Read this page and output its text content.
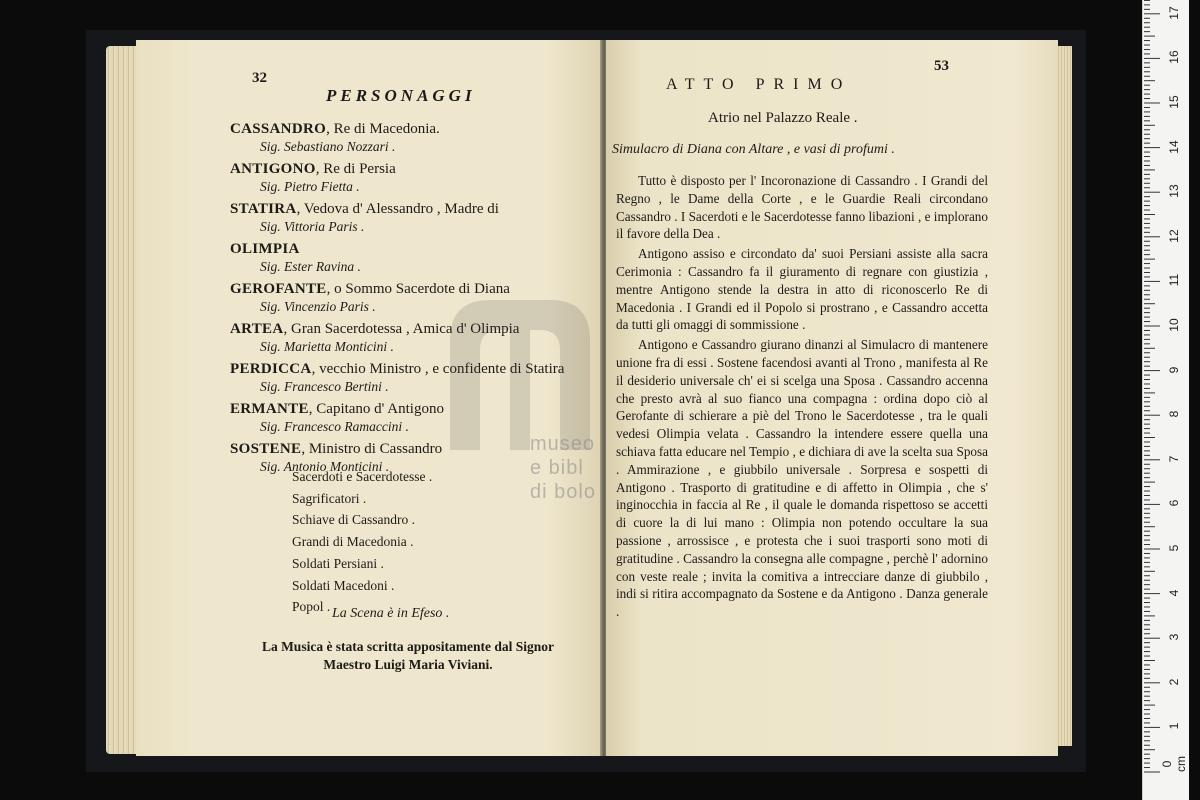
32
PERSONAGGI
CASSANDRO, Re di Macedonia.
Sig. Sebastiano Nozzari .
ANTIGONO, Re di Persia
Sig. Pietro Fietta .
STATIRA, Vedova d' Alessandro , Madre di
Sig. Vittoria Paris .
OLIMPIA
Sig. Ester Ravina .
GEROFANTE, o Sommo Sacerdote di Diana
Sig. Vincenzio Paris .
ARTEA, Gran Sacerdotessa , Amica d' Olimpia
Sig. Marietta Monticini .
PERDICCA, vecchio Ministro , e confidente di Statira
Sig. Francesco Bertini .
ERMANTE, Capitano d' Antigono
Sig. Francesco Ramaccini .
SOSTENE, Ministro di Cassandro
Sig. Antonio Monticini .
Sacerdoti e Sacerdotesse .
Sagrificatori .
Schiave di Cassandro .
Grandi di Macedonia .
Soldati Persiani .
Soldati Macedoni .
Popol . La Scena è in Efeso .
La Musica è stata scritta appositamente dal Signor
Maestro Luigi Maria Viviani.
53
ATTO PRIMO
Atrio nel Palazzo Reale .
Simulacro di Diana con Altare , e vasi di profumi .

Tutto è disposto per l' Incoronazione di Cassandro . I Grandi del Regno , le Dame della Corte , e le Guardie Reali circondano Cassandro . I Sacerdoti e le Sacerdotesse fanno libazioni , e implorano il favore della Dea .

Antigono assiso e circondato da' suoi Persiani assiste alla sacra Cerimonia : Cassandro fa il giuramento di regnare con giustizia , mentre Antigono stende la destra in atto di riconoscerlo Re di Macedonia . I Grandi ed il Popolo si prostrano , e Cassandro accetta da tutti gli omaggi di sommissione .

Antigono e Cassandro giurano dinanzi al Simulacro di mantenere unione fra di essi . Sostene facendosi avanti al Trono , manifesta al Re il desiderio universale ch' ei si scelga una Sposa . Cassandro accenna che presto avrà al suo fianco una compagna : ordina dopo ciò al Gerofante di schierare a piè del Trono le Sacerdotesse , tra le quali vedesi Olimpia velata . Cassandro la intendere essere quella una schiava fatta educare nel Tempio , e dichiara di ave la scelta sua Sposa . Ammirazione , e giubbilo universale . Sorpresa e sospetti di Antigono . Trasporto di gratitudine e di affetto in Olimpia , che s' inginocchia in faccia al Re , il quale le domanda rispettoso se accetti di cuore la di lui mano : Olimpia non potendo occultare la sua passione , arrossisce , e protesta che i suoi trasporti sono moti di gratitudine . Cassandro la consegna alle compagne , perchè l' adornino con veste reale ; invita la comitiva a intrecciare danze di giubbilo , indi si ritira accompagnato da Sostene e da Antigono . Danza generale .

museo
e bibl
di bolo
0 cm
1
2
3
4
5
6
7
8
9
10
11
12
13
14
15
16
17
